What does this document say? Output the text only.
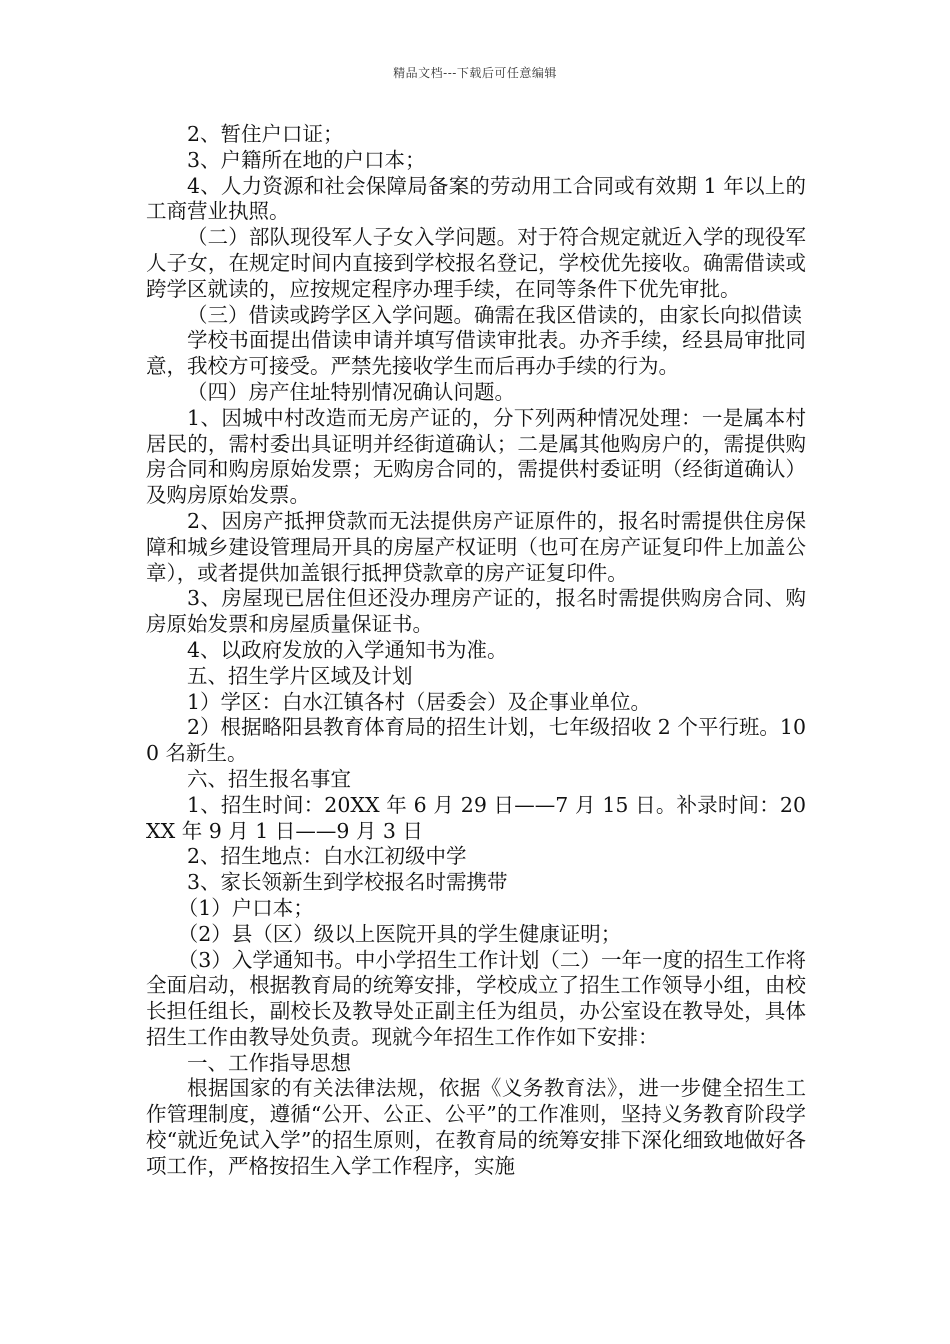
精品文档---下载后可任意编辑

2、暂住户口证；

3、户籍所在地的户口本；

4、人力资源和社会保障局备案的劳动用工合同或有效期 1 年以上的工商营业执照。

（二）部队现役军人子女入学问题。对于符合规定就近入学的现役军人子女，在规定时间内直接到学校报名登记，学校优先接收。确需借读或跨学区就读的，应按规定程序办理手续，在同等条件下优先审批。

（三）借读或跨学区入学问题。确需在我区借读的，由家长向拟借读

学校书面提出借读申请并填写借读审批表。办齐手续，经县局审批同意，我校方可接受。严禁先接收学生而后再办手续的行为。

（四）房产住址特别情况确认问题。

1、因城中村改造而无房产证的，分下列两种情况处理：一是属本村居民的，需村委出具证明并经街道确认；二是属其他购房户的，需提供购房合同和购房原始发票；无购房合同的，需提供村委证明（经街道确认）及购房原始发票。

2、因房产抵押贷款而无法提供房产证原件的，报名时需提供住房保障和城乡建设管理局开具的房屋产权证明（也可在房产证复印件上加盖公章），或者提供加盖银行抵押贷款章的房产证复印件。

3、房屋现已居住但还没办理房产证的，报名时需提供购房合同、购房原始发票和房屋质量保证书。

4、以政府发放的入学通知书为准。

五、招生学片区域及计划

1）学区：白水江镇各村（居委会）及企事业单位。

2）根据略阳县教育体育局的招生计划，七年级招收 2 个平行班。100 名新生。

六、招生报名事宜

1、招生时间：20XX 年 6 月 29 日——7 月 15 日。补录时间：20XX 年 9 月 1 日——9 月 3 日

2、招生地点：白水江初级中学

3、家长领新生到学校报名时需携带

（1）户口本；

（2）县（区）级以上医院开具的学生健康证明；

（3）入学通知书。中小学招生工作计划（二）一年一度的招生工作将全面启动，根据教育局的统筹安排，学校成立了招生工作领导小组，由校长担任组长，副校长及教导处正副主任为组员，办公室设在教导处，具体招生工作由教导处负责。现就今年招生工作作如下安排：

一、工作指导思想

根据国家的有关法律法规，依据《义务教育法》，进一步健全招生工作管理制度，遵循“公开、公正、公平”的工作准则，坚持义务教育阶段学校“就近免试入学”的招生原则，在教育局的统筹安排下深化细致地做好各项工作，严格按招生入学工作程序，实施
